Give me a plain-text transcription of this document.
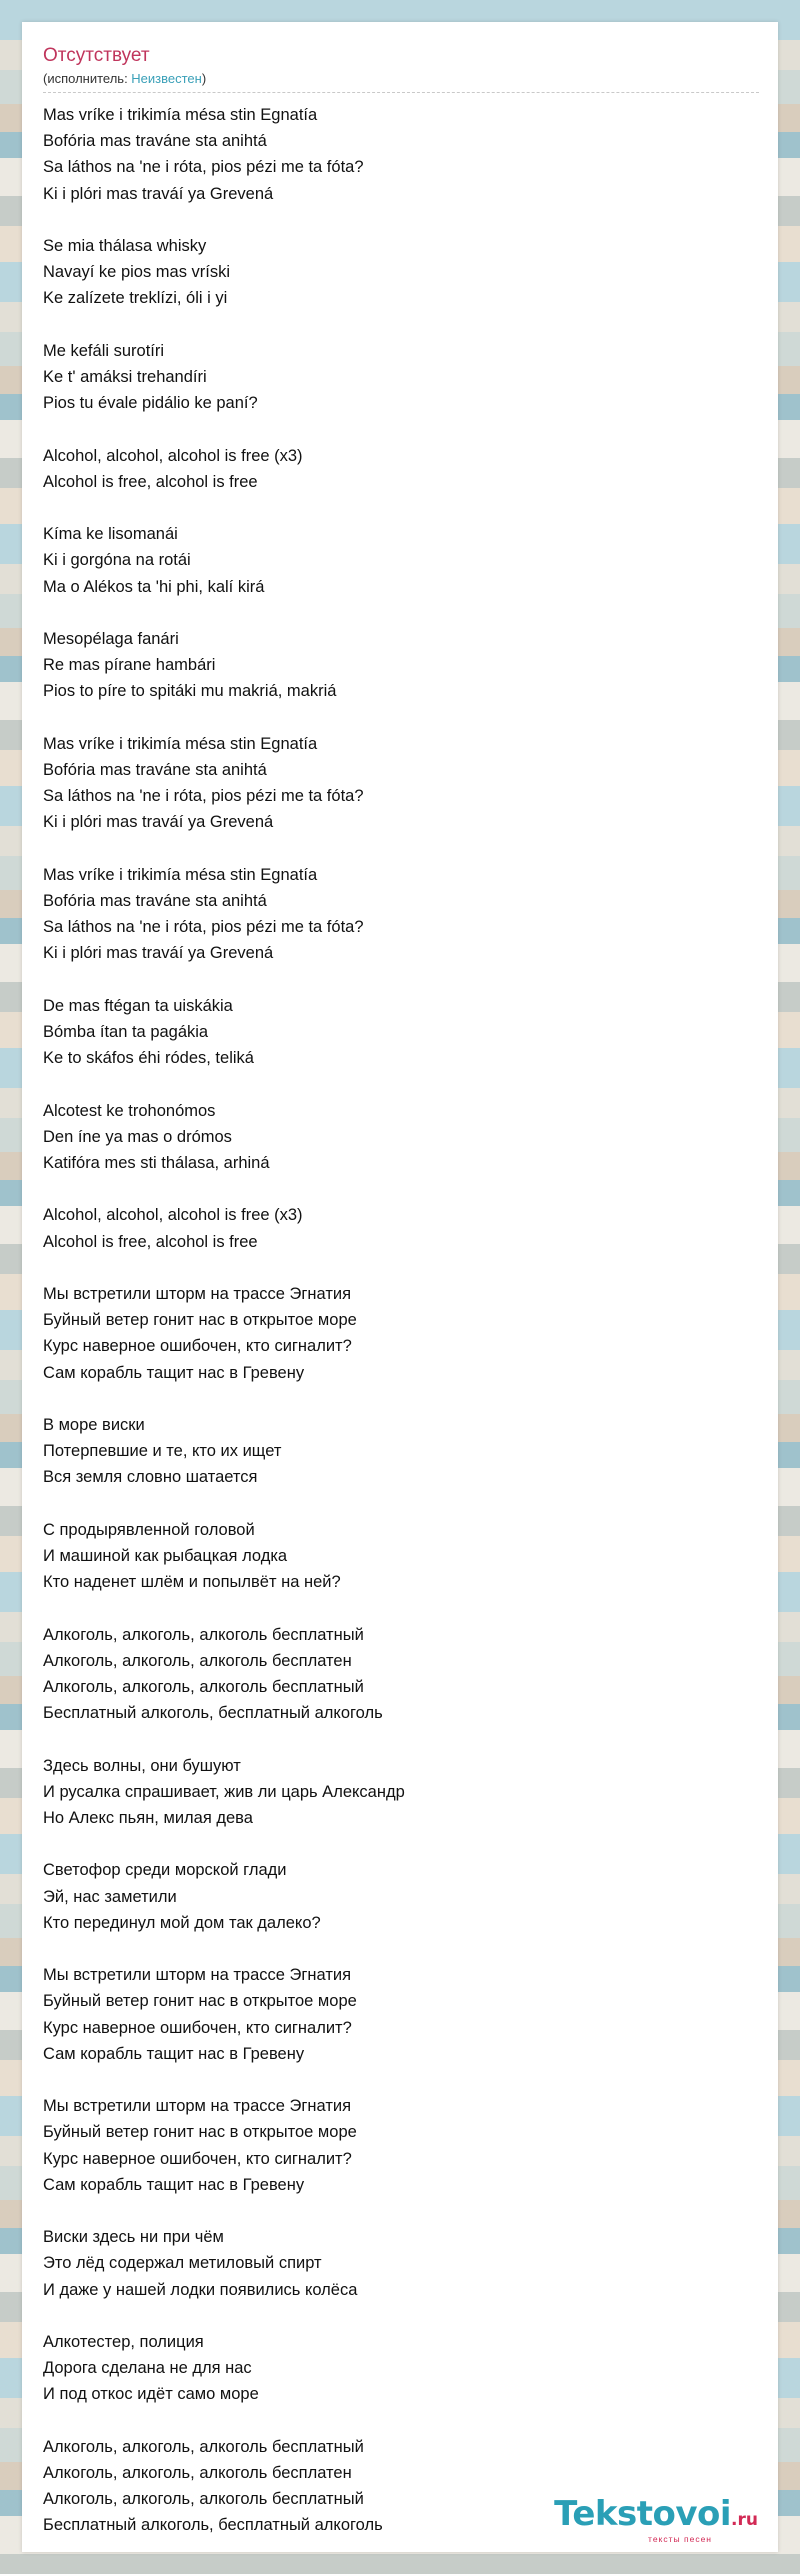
Отсутствует
(исполнитель: Неизвестен)
Mas vríke i trikimía mésa stin Egnatía
Bofória mas traváne sta anihtá
Sa láthos na 'ne i róta, pios pézi me ta fóta?
Ki i plóri mas traváí ya Grevená
Se mia thálasa whisky
Navayí ke pios mas vríski
Ke zalízete treklízi, óli i yi
Me kefáli surotíri
Ke t' amáksi trehandíri
Pios tu évale pidálio ke paní?
Alcohol, alcohol, alcohol is free (x3)
Alcohol is free, alcohol is free
Kíma ke lisomanái
Ki i gorgóna na rotái
Ma o Alékos ta 'hi phi, kalí kirá
Mesopélaga fanári
Re mas pírane hambári
Pios to píre to spitáki mu makriá, makriá
Mas vríke i trikimía mésa stin Egnatía
Bofória mas traváne sta anihtá
Sa láthos na 'ne i róta, pios pézi me ta fóta?
Ki i plóri mas traváí ya Grevená
Mas vríke i trikimía mésa stin Egnatía
Bofória mas traváne sta anihtá
Sa láthos na 'ne i róta, pios pézi me ta fóta?
Ki i plóri mas traváí ya Grevená
De mas ftégan ta uiskákia
Bómba ítan ta pagákia
Ke to skáfos éhi ródes, teliká
Alcotest ke trohonómos
Den íne ya mas o drómos
Katifóra mes sti thálasa, arhiná
Alcohol, alcohol, alcohol is free (x3)
Alcohol is free, alcohol is free
Мы встретили шторм на трассе Эгнатия
Буйный ветер гонит нас в открытое море
Курс наверное ошибочен, кто сигналит?
Сам корабль тащит нас в Гревену
В море виски
Потерпевшие и те, кто их ищет
Вся земля словно шатается
С продырявленной головой
И машиной как рыбацкая лодка
Кто наденет шлём и попылвёт на ней?
Алкоголь, алкоголь, алкоголь бесплатный
Алкоголь, алкоголь, алкоголь бесплатен
Алкоголь, алкоголь, алкоголь бесплатный
Бесплатный алкоголь, бесплатный алкоголь
Здесь волны, они бушуют
И русалка спрашивает, жив ли царь Александр
Но Алекс пьян, милая дева
Светофор среди морской глади
Эй, нас заметили
Кто перединул мой дом так далеко?
Мы встретили шторм на трассе Эгнатия
Буйный ветер гонит нас в открытое море
Курс наверное ошибочен, кто сигналит?
Сам корабль тащит нас в Гревену
Мы встретили шторм на трассе Эгнатия
Буйный ветер гонит нас в открытое море
Курс наверное ошибочен, кто сигналит?
Сам корабль тащит нас в Гревену
Виски здесь ни при чём
Это лёд содержал метиловый спирт
И даже у нашей лодки появились колёса
Алкотестер, полиция
Дорога сделана не для нас
И под откос идёт само море
Алкоголь, алкоголь, алкоголь бесплатный
Алкоголь, алкоголь, алкоголь бесплатен
Алкоголь, алкоголь, алкоголь бесплатный
Бесплатный алкоголь, бесплатный алкоголь	Tekstovoi.ru
тексты песен
